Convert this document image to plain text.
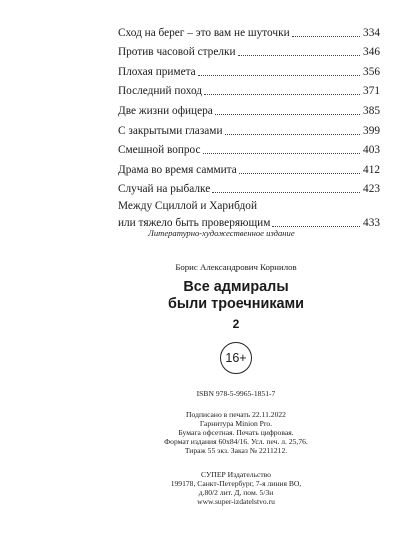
Сход на берег – это вам не шуточки	334
Против часовой стрелки	346
Плохая примета	356
Последний поход	371
Две жизни офицера	385
С закрытыми глазами	399
Смешной вопрос	403
Драма во время саммита	412
Случай на рыбалке	423
Между Сциллой и Харибдой
или тяжело быть проверяющим	433
Литературно-художественное издание
Борис Александрович Корнилов
Все адмиралы
были троечниками
2
16+
ISBN 978-5-9965-1851-7
Подписано в печать 22.11.2022
Гарнитура Minion Pro.
Бумага офсетная. Печать цифровая.
Формат издания 60х84/16. Усл. печ. л. 25,76.
Тираж 55 экз. Заказ № 2211212.
СУПЕР Издательство
199178, Санкт-Петербург, 7-я линия ВО,
д.80/2 лит. Д, пом. 5/3н
www.super-izdatelstvo.ru
